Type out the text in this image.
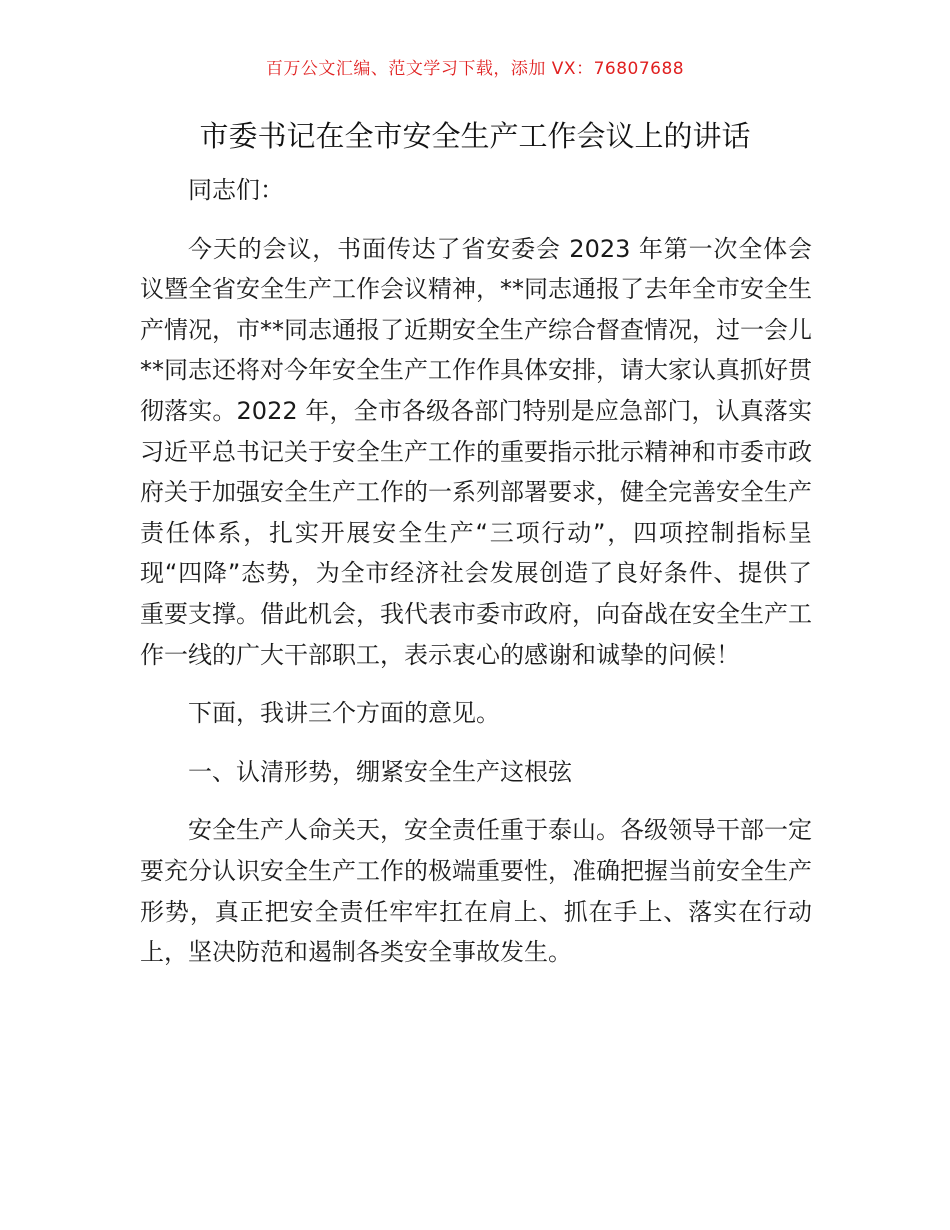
百万公文汇编、范文学习下载，添加 VX：76807688
市委书记在全市安全生产工作会议上的讲话

同志们：

今天的会议，书面传达了省安委会 2023 年第一次全体会议暨全省安全生产工作会议精神，**同志通报了去年全市安全生产情况，市**同志通报了近期安全生产综合督查情况，过一会儿**同志还将对今年安全生产工作作具体安排，请大家认真抓好贯彻落实。2022 年，全市各级各部门特别是应急部门，认真落实习近平总书记关于安全生产工作的重要指示批示精神和市委市政府关于加强安全生产工作的一系列部署要求，健全完善安全生产责任体系，扎实开展安全生产“三项行动”，四项控制指标呈现“四降”态势，为全市经济社会发展创造了良好条件、提供了重要支撑。借此机会，我代表市委市政府，向奋战在安全生产工作一线的广大干部职工，表示衷心的感谢和诚挚的问候！

下面，我讲三个方面的意见。

一、认清形势，绷紧安全生产这根弦

安全生产人命关天，安全责任重于泰山。各级领导干部一定要充分认识安全生产工作的极端重要性，准确把握当前安全生产形势，真正把安全责任牢牢扛在肩上、抓在手上、落实在行动上，坚决防范和遏制各类安全事故发生。
